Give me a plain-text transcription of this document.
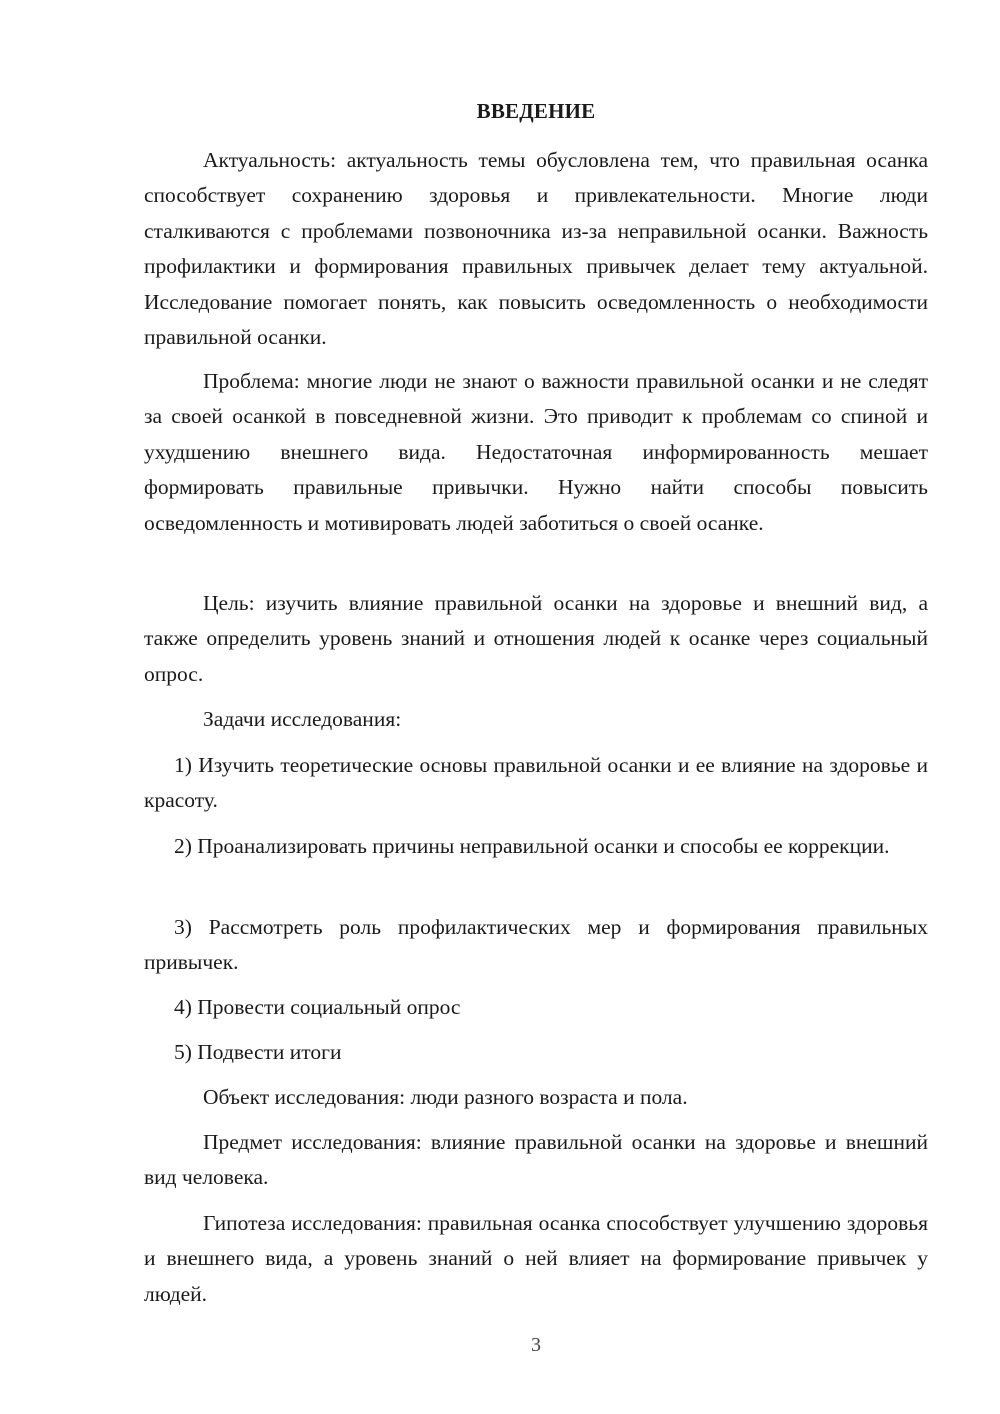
ВВЕДЕНИЕ

Актуальность: актуальность темы обусловлена тем, что правильная осанка способствует сохранению здоровья и привлекательности. Многие люди сталкиваются с проблемами позвоночника из-за неправильной осанки. Важность профилактики и формирования правильных привычек делает тему актуальной. Исследование помогает понять, как повысить осведомленность о необходимости правильной осанки.

Проблема: многие люди не знают о важности правильной осанки и не следят за своей осанкой в повседневной жизни. Это приводит к проблемам со спиной и ухудшению внешнего вида. Недостаточная информированность мешает формировать правильные привычки. Нужно найти способы повысить осведомленность и мотивировать людей заботиться о своей осанке.

Цель: изучить влияние правильной осанки на здоровье и внешний вид, а также определить уровень знаний и отношения людей к осанке через социальный опрос.

Задачи исследования:

1) Изучить теоретические основы правильной осанки и ее влияние на здоровье и красоту.

2) Проанализировать причины неправильной осанки и способы ее коррекции.

3) Рассмотреть роль профилактических мер и формирования правильных привычек.

4) Провести социальный опрос

5) Подвести итоги

Объект исследования: люди разного возраста и пола.

Предмет исследования: влияние правильной осанки на здоровье и внешний вид человека.

Гипотеза исследования: правильная осанка способствует улучшению здоровья и внешнего вида, а уровень знаний о ней влияет на формирование привычек у людей.

3
